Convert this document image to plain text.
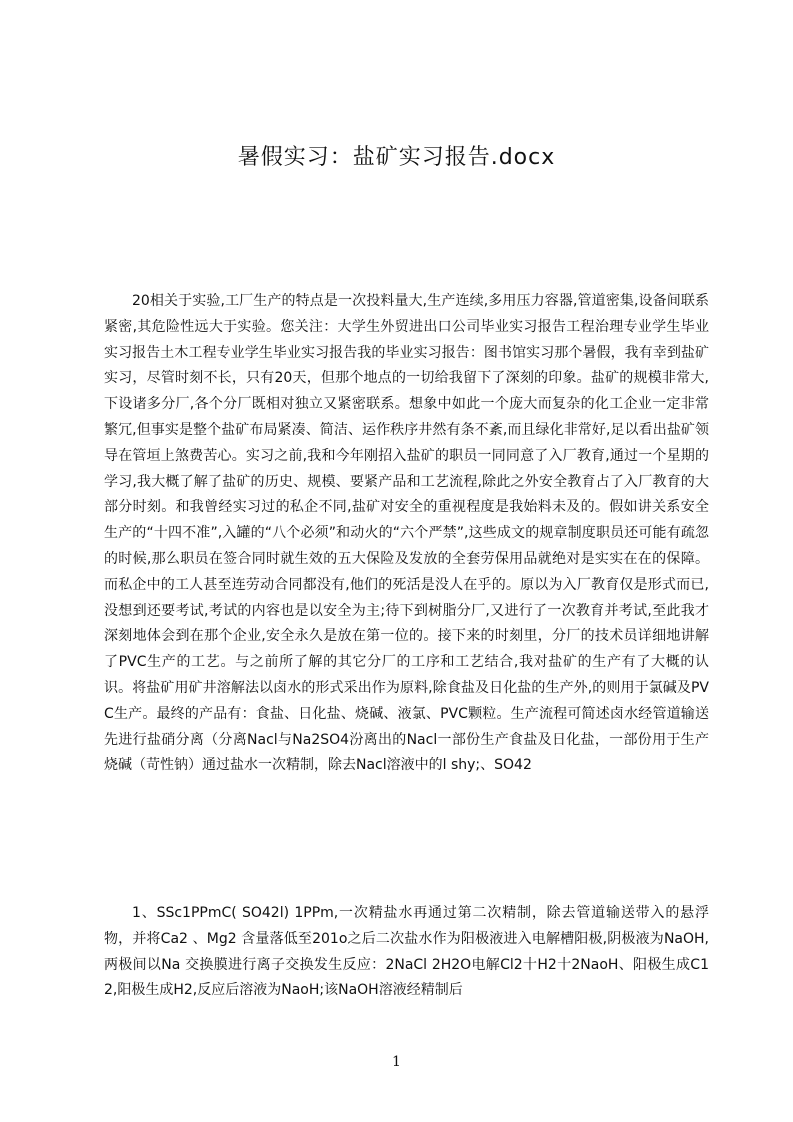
暑假实习：盐矿实习报告.docx

20相关于实验,工厂生产的特点是一次投料量大,生产连续,多用压力容器,管道密集,设备间联系紧密,其危险性远大于实验。您关注：大学生外贸进出口公司毕业实习报告工程治理专业学生毕业实习报告土木工程专业学生毕业实习报告我的毕业实习报告：图书馆实习那个暑假，我有幸到盐矿实习，尽管时刻不长，只有20天，但那个地点的一切给我留下了深刻的印象。盐矿的规模非常大,下设诸多分厂,各个分厂既相对独立又紧密联系。想象中如此一个庞大而复杂的化工企业一定非常繁冗,但事实是整个盐矿布局紧凑、简洁、运作秩序井然有条不紊,而且绿化非常好,足以看出盐矿领导在管垣上煞费苦心。实习之前,我和今年刚招入盐矿的职员一同同意了入厂教育,通过一个星期的学习,我大概了解了盐矿的历史、规模、要紧产品和工艺流程,除此之外安全教育占了入厂教育的大部分时刻。和我曾经实习过的私企不同,盐矿对安全的重视程度是我始料未及的。假如讲关系安全生产的“十四不准”,入罐的“八个必须”和动火的“六个严禁”,这些成文的规章制度职员还可能有疏忽的时候,那么职员在签合同时就生效的五大保险及发放的全套劳保用品就绝对是实实在在的保障。而私企中的工人甚至连劳动合同都没有,他们的死活是没人在乎的。原以为入厂教育仅是形式而已,没想到还要考试,考试的内容也是以安全为主;待下到树脂分厂,又进行了一次教育并考试,至此我才深刻地体会到在那个企业,安全永久是放在第一位的。接下来的时刻里，分厂的技术员详细地讲解了PVC生产的工艺。与之前所了解的其它分厂的工序和工艺结合,我对盐矿的生产有了大概的认识。将盐矿用矿井溶解法以卤水的形式采出作为原料,除食盐及日化盐的生产外,的则用于氯碱及PVC生产。最终的产品有：食盐、日化盐、烧碱、液氯、PVC颗粒。生产流程可简述卤水经管道输送先进行盐硝分离（分离Nacl与Na2SO4汾离出的Nacl一部份生产食盐及日化盐，一部份用于生产烧碱（苛性钠）通过盐水一次精制，除去Nacl溶液中的l shy;、SO42

1、SSc1PPmC( SO42l) 1PPm,一次精盐水再通过第二次精制，除去管道输送带入的悬浮物，并将Ca2 、Mg2 含量落低至201o之后二次盐水作为阳极液进入电解槽阳极,阴极液为NaOH,两极间以Na 交换膜进行离子交换发生反应：2NaCl 2H2O电解Cl2十H2十2NaoH、阳极生成C12,阳极生成H2,反应后溶液为NaoH;该NaOH溶液经精制后

1
